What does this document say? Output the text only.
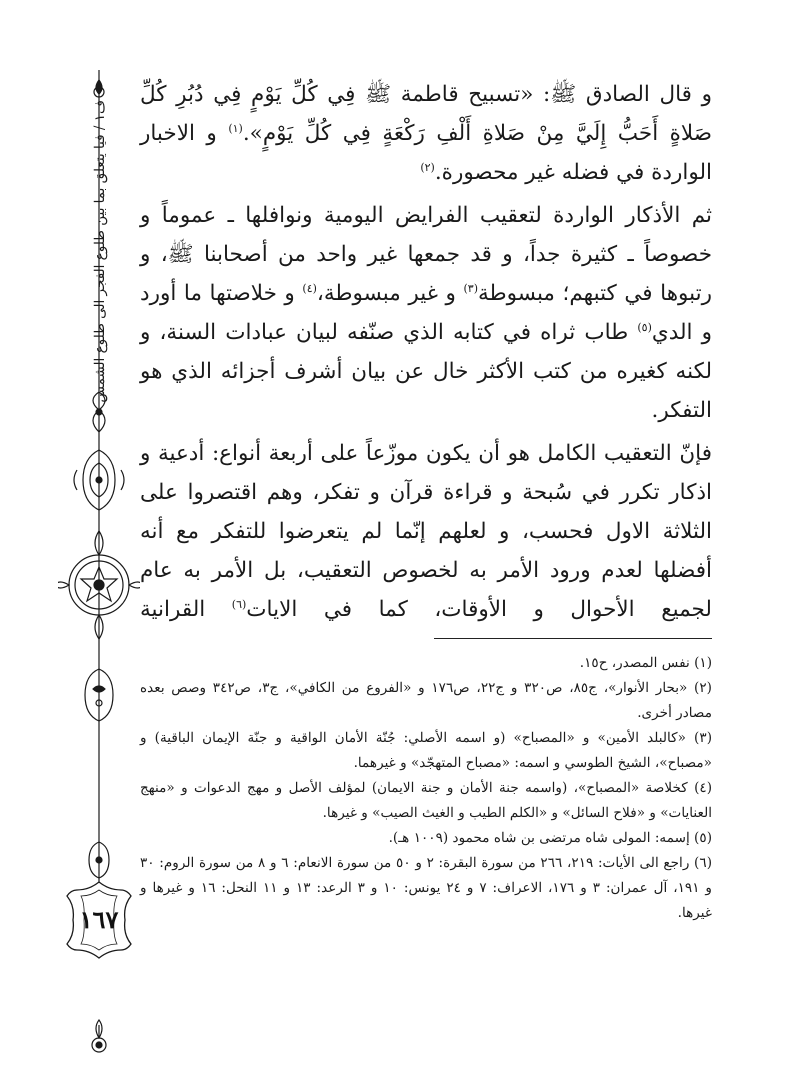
ف١ / فيا يتعلق بما بين طلوع الفجر الى طلوع الشمس
١٦٧

و قال الصادق ﷺ: «تسبيح قاطمة ﷺ فِي كُلِّ يَوْمٍ فِي دُبُرِ كُلِّ صَلاةٍ أَحَبُّ إِلَيَّ مِنْ صَلاةِ أَلْفِ رَكْعَةٍ فِي كُلِّ يَوْمٍ».$^{(١)}$ و الاخبار الواردة في فضله غير محصورة.$^{(٢)}$

ثم الأذكار الواردة لتعقيب الفرايض اليومية ونوافلها ـ عموماً و خصوصاً ـ كثيرة جداً، و قد جمعها غير واحد من أصحابنا ﷺ، و رتبوها في كتبهم؛ مبسوطة$^{(٣)}$ و غير مبسوطة،$^{(٤)}$ و خلاصتها ما أورد و الدي$^{(٥)}$ طاب ثراه في كتابه الذي صنّفه لبيان عبادات السنة، و لكنه كغيره من كتب الأكثر خال عن بيان أشرف أجزائه الذي هو التفكر.

فإنّ التعقيب الكامل هو أن يكون موزّعاً على أربعة أنواع: أدعية و اذكار تكرر في سُبحة و قراءة قرآن و تفكر، وهم اقتصروا على الثلاثة الاول فحسب، و لعلهم إنّما لم يتعرضوا للتفكر مع أنه أفضلها لعدم ورود الأمر به لخصوص التعقيب، بل الأمر به عام لجميع الأحوال و الأوقات، كما في الايات$^{(٦)}$ القرانية

(١) نفس المصدر، ح١٥.
(٢) «بحار الأنوار»، ج٨٥، ص٣٢٠ و ج٢٢، ص١٧٦ و «الفروع من الكافي»، ج٣، ص٣٤٢ وصص بعده مصادر أخرى.
(٣) «كالبلد الأمين» و «المصباح» (و اسمه الأصلي: جُنّة الأمان الواقية و جنّة الإيمان الباقية) و «مصباح»، الشيخ الطوسي و اسمه: «مصباح المتهجّد» و غيرهما.
(٤) كخلاصة «المصباح»، (واسمه جنة الأمان و جنة الايمان) لمؤلف الأصل و مهج الدعوات و «منهج العنايات» و «فلاح السائل» و «الكلم الطيب و الغيث الصيب» و غيرها.
(٥) إسمه: المولى شاه مرتضى بن شاه محمود (١٠٠٩ هـ).
(٦) راجع الى الأيات: ٢١٩، ٢٦٦ من سورة البقرة: ٢ و ٥٠ من سورة الانعام: ٦ و ٨ من سورة الروم: ٣٠ و ١٩١، آل عمران: ٣ و ١٧٦، الاعراف: ٧ و ٢٤ يونس: ١٠ و ٣ الرعد: ١٣ و ١١ النحل: ١٦ و غيرها و غيرها.
